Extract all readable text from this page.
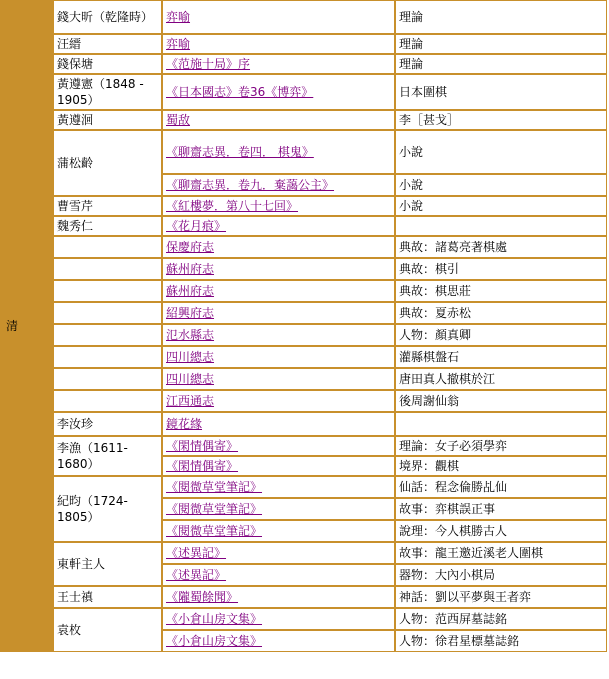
清	錢大昕（乾隆時）	弈喻	理論
	汪縉	弈喻	理論
	錢保塘	《范施十局》序	理論
	黃遵憲（1848 - 1905）	《日本國志》卷36《博弈》	日本圍棋
	黃遵洄	蜀敌	李［甚戈］
	蒲松齡	《聊齋志異．卷四． 棋鬼》	小說
		《聊齋志異．卷九．棄藹公主》	小說
	曹雪芹	《紅樓夢．第八十七回》	小說
	魏秀仁	《花月痕》	
		保慶府志	典故：諸葛亮著棋處
		蘇州府志	典故：棋引
		蘇州府志	典故：棋思莊
		紹興府志	典故：夏赤松
		氾水縣志	人物：顏真卿
		四川總志	灌縣棋盤石
		四川總志	唐田真人撤棋於江
		江西通志	後周謝仙翁
	李汝珍	鏡花緣	
	李漁（1611-1680）	《閑情偶寄》	理論：女子必須學弈
		《閑情偶寄》	境界：觀棋
	紀昀（1724-1805）	《閱微草堂筆記》	仙話：程念倫勝乩仙
		《閱微草堂筆記》	故事：弈棋誤正事
		《閱微草堂筆記》	說理：今人棋勝古人
	東軒主人	《述異記》	故事：龍王邀近溪老人圍棋
		《述異記》	器物：大內小棋局
	王士禛	《隴蜀餘聞》	神話：劉以平夢與王者弈
	袁枚	《小倉山房文集》	人物：范西屏墓誌銘
		《小倉山房文集》	人物：徐君星標墓誌銘
